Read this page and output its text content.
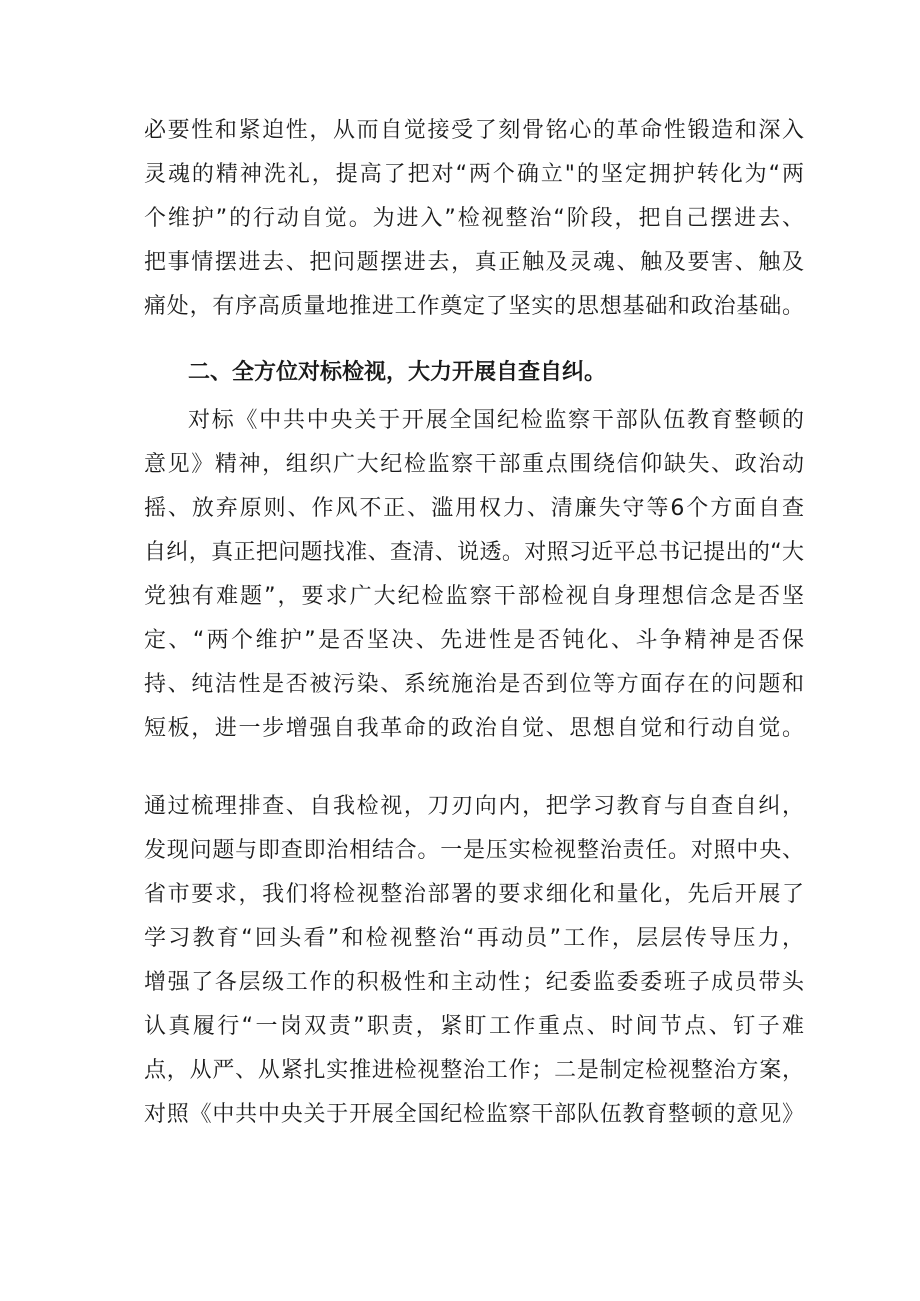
必要性和紧迫性，从而自觉接受了刻骨铭心的革命性锻造和深入
灵魂的精神洗礼，提高了把对“两个确立"的坚定拥护转化为“两
个维护”的行动自觉。为进入”检视整治“阶段，把自己摆进去、
把事情摆进去、把问题摆进去，真正触及灵魂、触及要害、触及
痛处，有序高质量地推进工作奠定了坚实的思想基础和政治基础。
二、全方位对标检视，大力开展自查自纠。
对标《中共中央关于开展全国纪检监察干部队伍教育整顿的
意见》精神，组织广大纪检监察干部重点围绕信仰缺失、政治动
摇、放弃原则、作风不正、滥用权力、清廉失守等6个方面自查
自纠，真正把问题找准、查清、说透。对照习近平总书记提出的“大
党独有难题”，要求广大纪检监察干部检视自身理想信念是否坚
定、“两个维护”是否坚决、先进性是否钝化、斗争精神是否保
持、纯洁性是否被污染、系统施治是否到位等方面存在的问题和
短板，进一步增强自我革命的政治自觉、思想自觉和行动自觉。
通过梳理排查、自我检视，刀刃向内，把学习教育与自查自纠，
发现问题与即查即治相结合。一是压实检视整治责任。对照中央、
省市要求，我们将检视整治部署的要求细化和量化，先后开展了
学习教育“回头看”和检视整治“再动员”工作，层层传导压力，
增强了各层级工作的积极性和主动性；纪委监委委班子成员带头
认真履行“一岗双责”职责，紧盯工作重点、时间节点、钉子难
点，从严、从紧扎实推进检视整治工作；二是制定检视整治方案，
对照《中共中央关于开展全国纪检监察干部队伍教育整顿的意见》
